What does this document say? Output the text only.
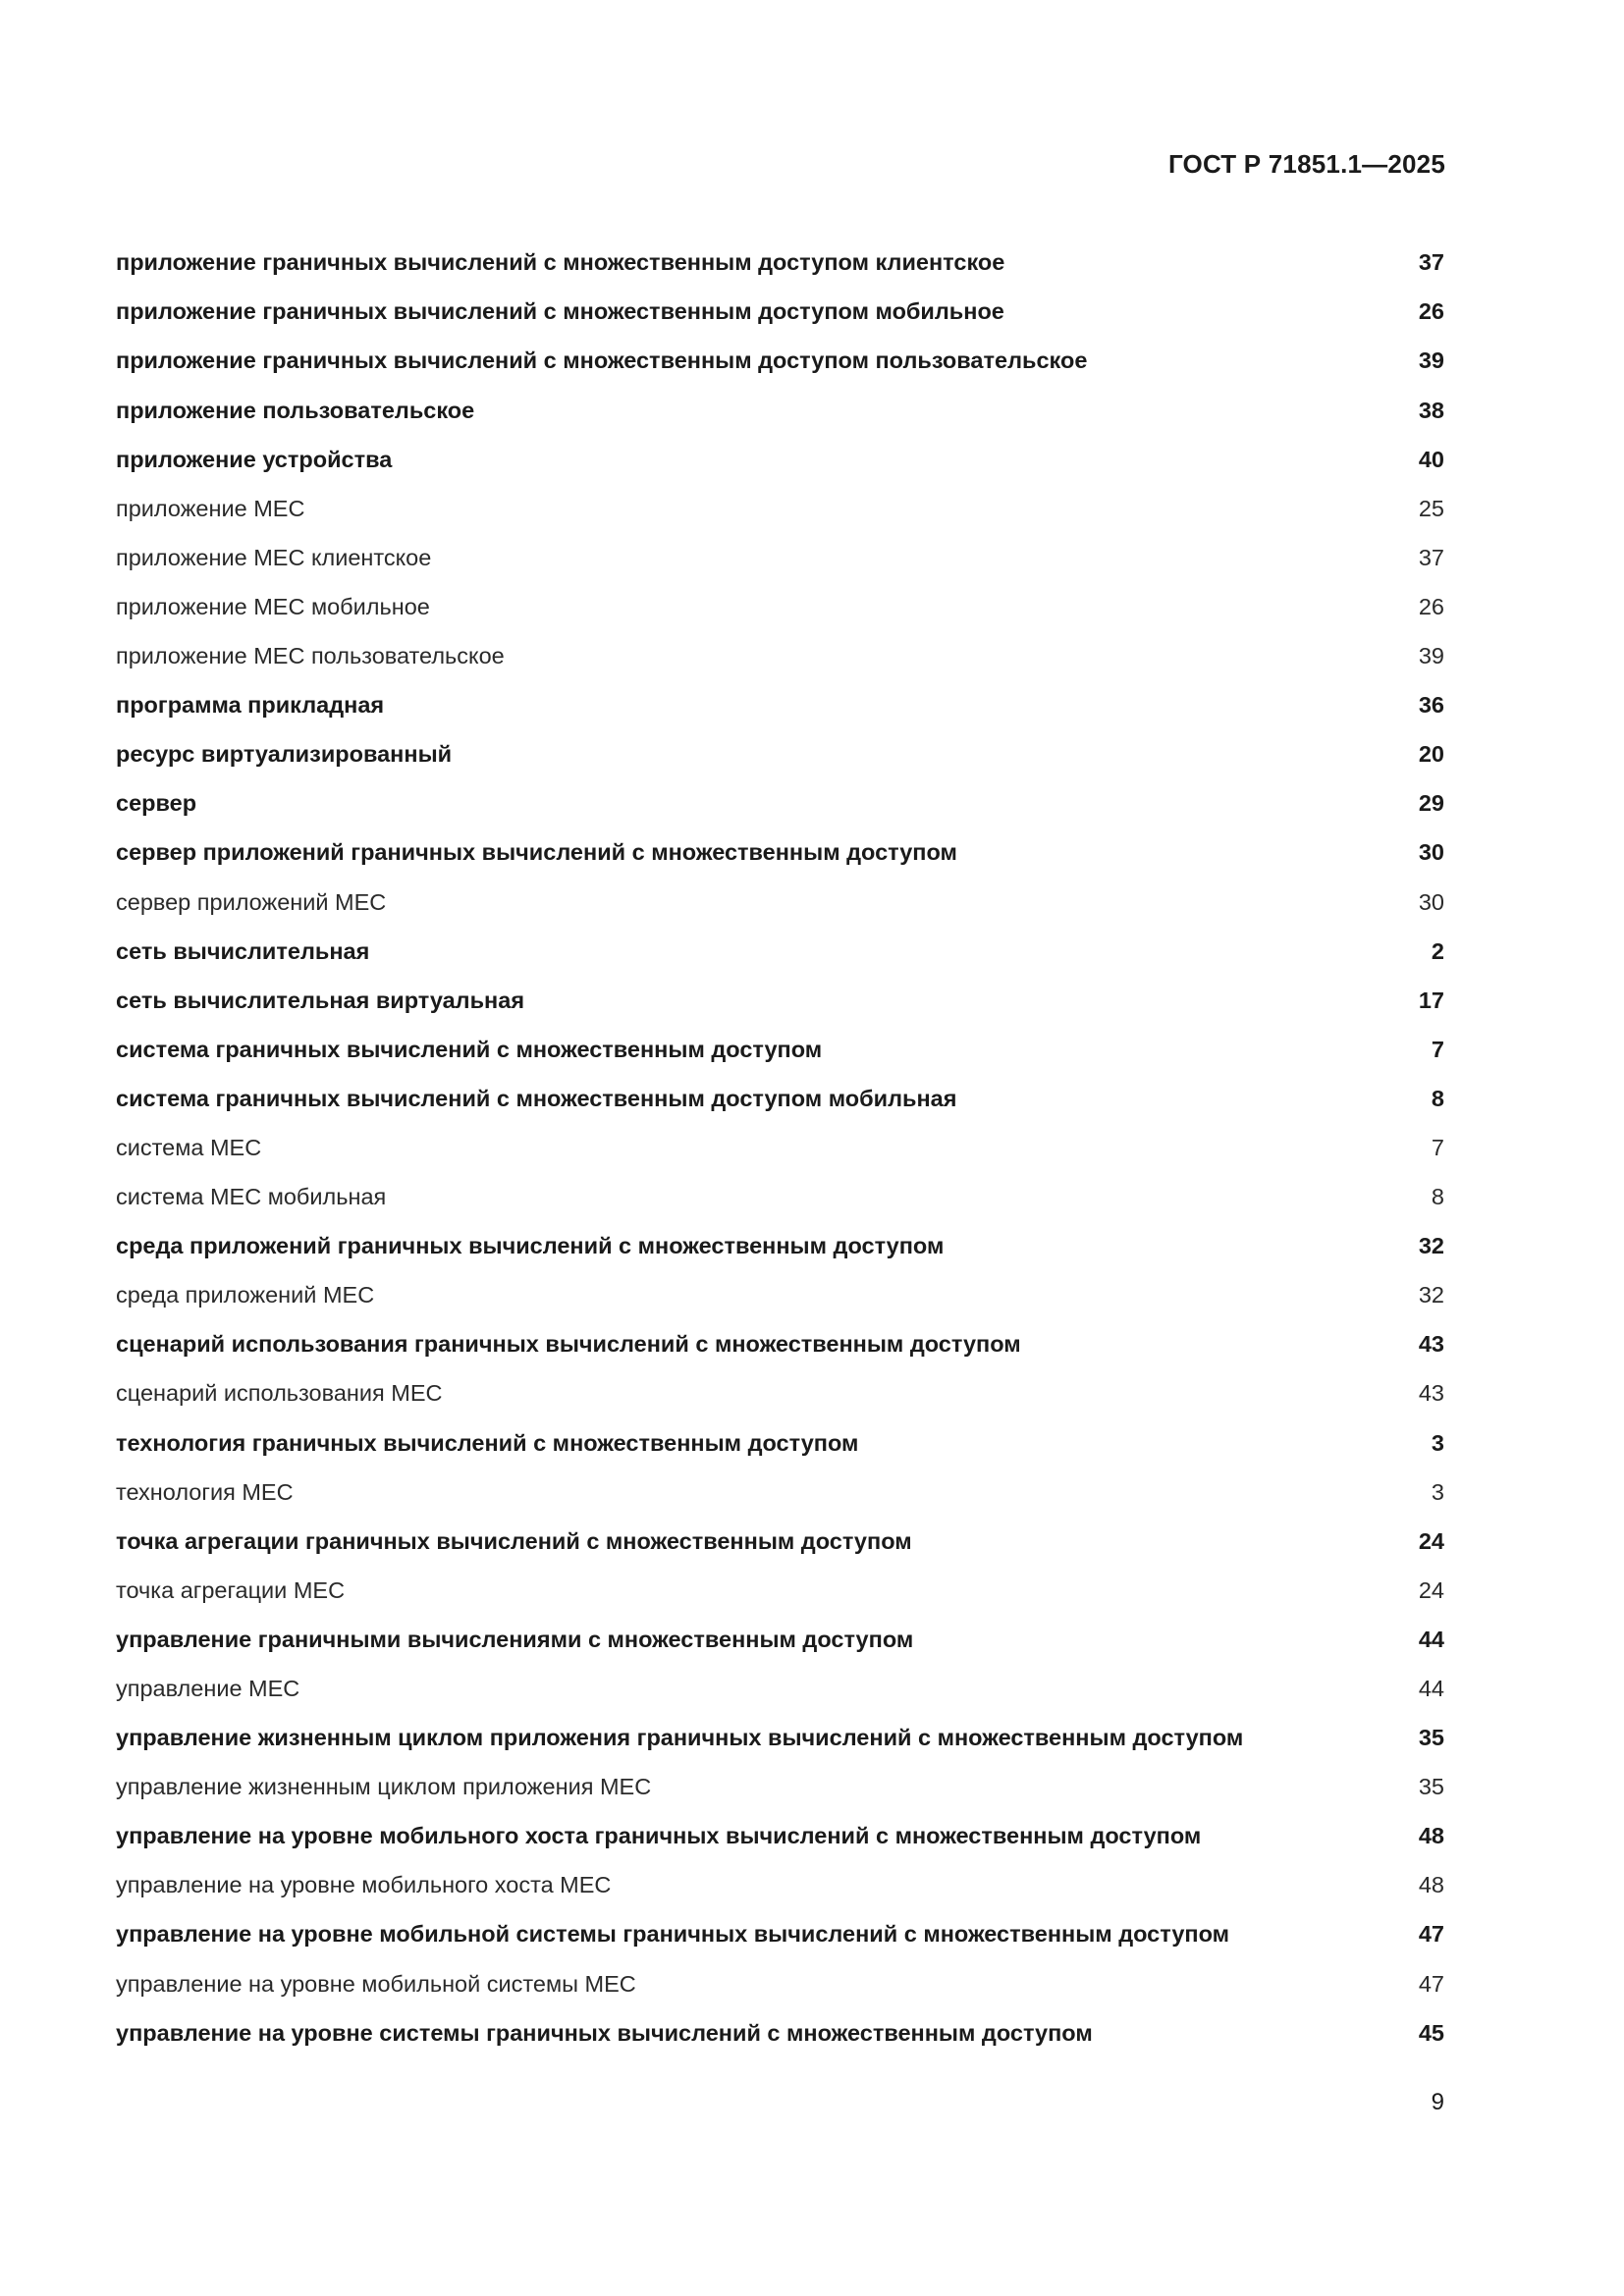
ГОСТ Р 71851.1—2025
приложение граничных вычислений с множественным доступом клиентское	37
приложение граничных вычислений с множественным доступом мобильное	26
приложение граничных вычислений с множественным доступом пользовательское	39
приложение пользовательское	38
приложение устройства	40
приложение МЕС	25
приложение МЕС клиентское	37
приложение МЕС мобильное	26
приложение МЕС пользовательское	39
программа прикладная	36
ресурс виртуализированный	20
сервер	29
сервер приложений граничных вычислений с множественным доступом	30
сервер приложений МЕС	30
сеть вычислительная	2
сеть вычислительная виртуальная	17
система граничных вычислений с множественным доступом	7
система граничных вычислений с множественным доступом мобильная	8
система МЕС	7
система МЕС мобильная	8
среда приложений граничных вычислений с множественным доступом	32
среда приложений МЕС	32
сценарий использования граничных вычислений с множественным доступом	43
сценарий использования МЕС	43
технология граничных вычислений с множественным доступом	3
технология МЕС	3
точка агрегации граничных вычислений с множественным доступом	24
точка агрегации МЕС	24
управление граничными вычислениями с множественным доступом	44
управление МЕС	44
управление жизненным циклом приложения граничных вычислений с множественным доступом	35
управление жизненным циклом приложения МЕС	35
управление на уровне мобильного хоста граничных вычислений с множественным доступом	48
управление на уровне мобильного хоста МЕС	48
управление на уровне мобильной системы граничных вычислений с множественным доступом	47
управление на уровне мобильной системы МЕС	47
управление на уровне системы граничных вычислений с множественным доступом	45
9
